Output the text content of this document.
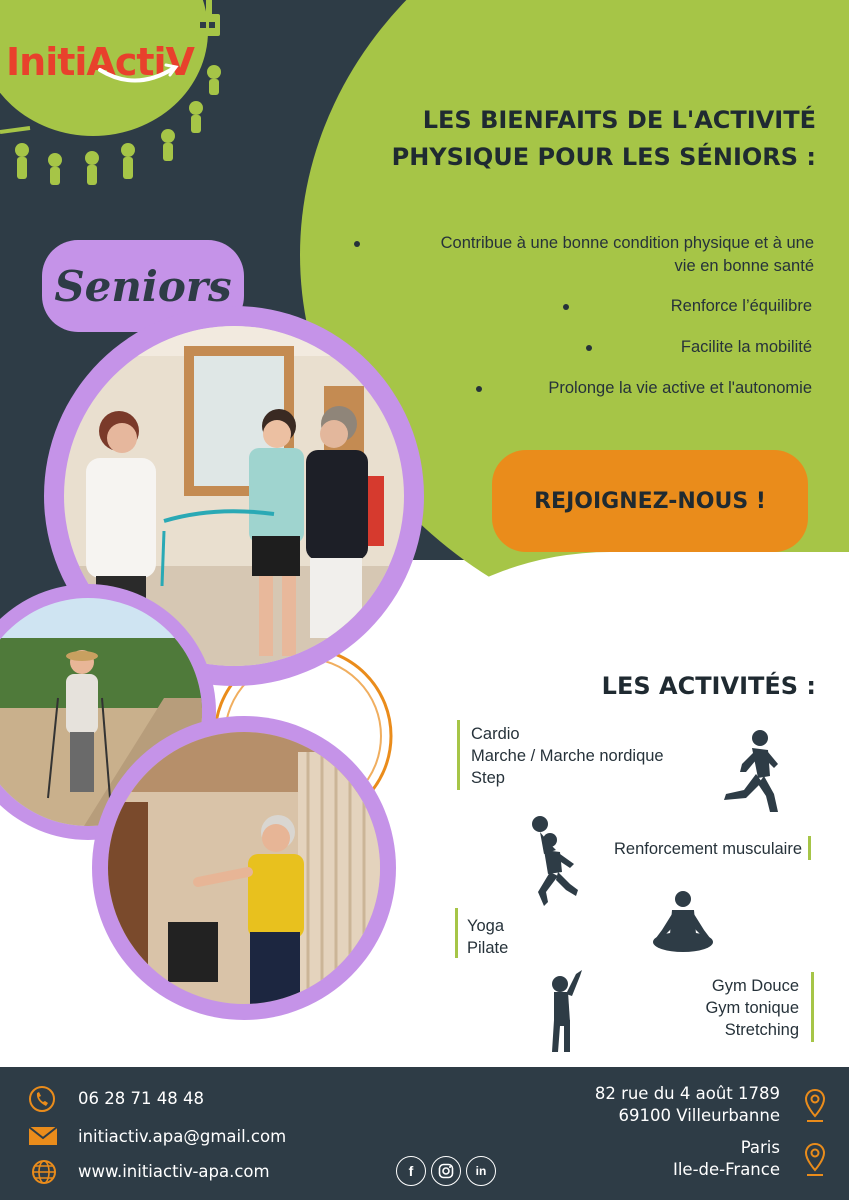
InitiActiV
LES BIENFAITS DE L'ACTIVITÉ
PHYSIQUE POUR LES SÉNIORS :
Contribue à une bonne condition physique et à une
vie en bonne santé
Renforce l’équilibre
Facilite la mobilité
Prolonge la vie active et l'autonomie
REJOIGNEZ-NOUS !
Seniors
LES ACTIVITÉS :
Cardio
Marche / Marche nordique
Step
Renforcement musculaire
Yoga
Pilate
Gym Douce
Gym tonique
Stretching
06 28 71 48 48
initiactiv.apa@gmail.com
www.initiactiv-apa.com	f	in
82 rue du 4 août 1789
69100 Villeurbanne
Paris
Ile-de-France
